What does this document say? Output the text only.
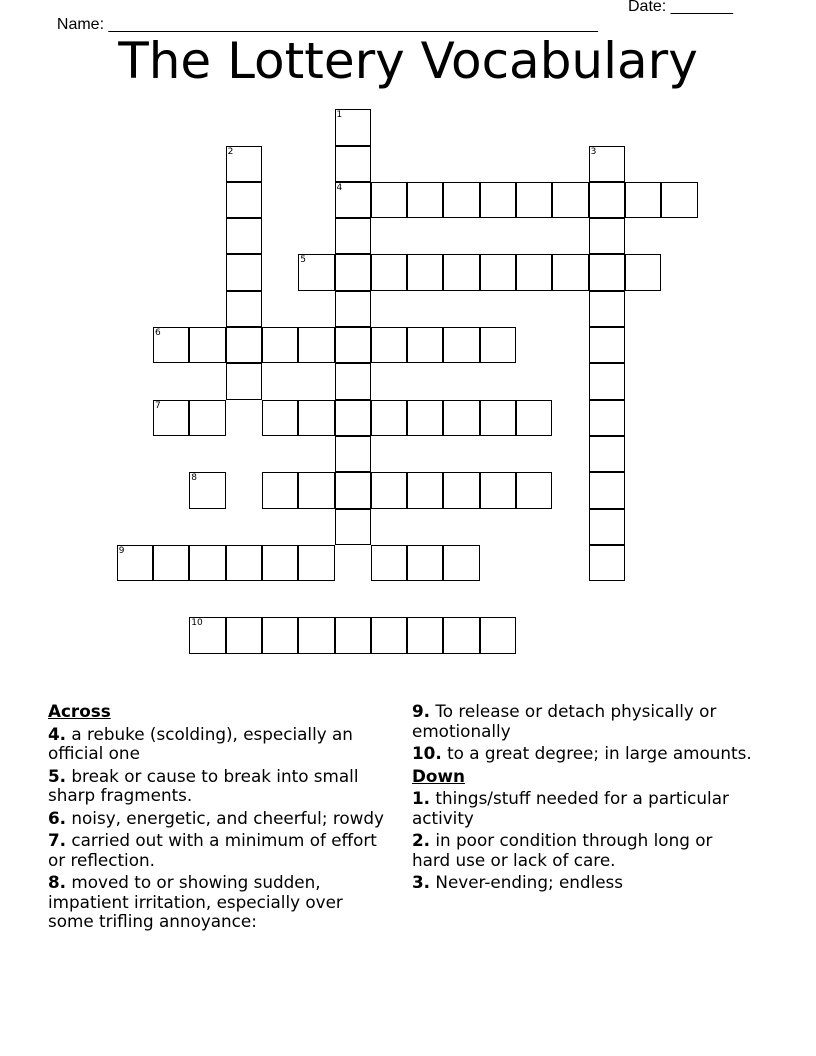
Name: _______________________________________________________

Date: _______

The Lottery Vocabulary
1
4
2	3
5
6
7
8
9
10
Across
4. a rebuke (scolding), especially an official one
5. break or cause to break into small sharp fragments.
6. noisy, energetic, and cheerful; rowdy
7. carried out with a minimum of effort or reflection.
8. moved to or showing sudden, impatient irritation, especially over some trifling annoyance:
9. To release or detach physically or emotionally
10. to a great degree; in large amounts.
Down
1. things/stuff needed for a particular activity
2. in poor condition through long or hard use or lack of care.
3. Never-ending; endless
